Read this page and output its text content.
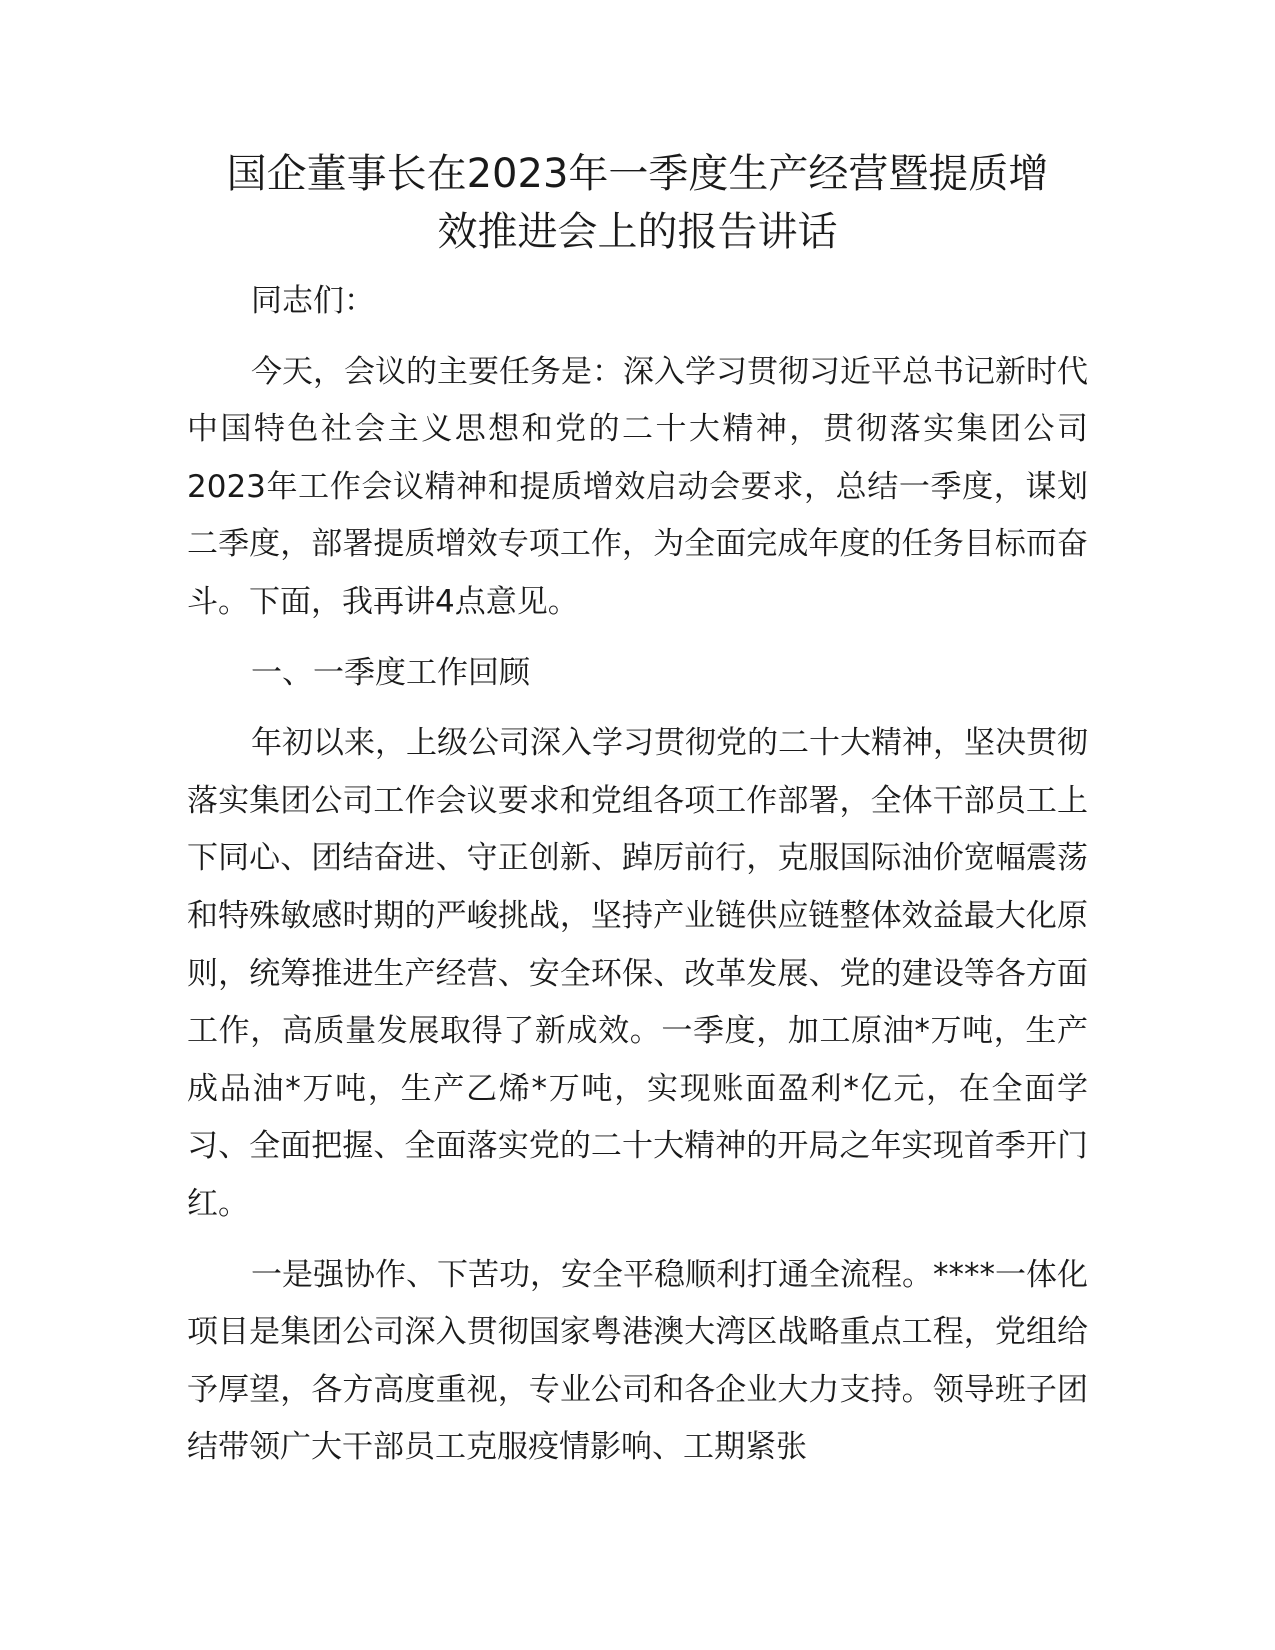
国企董事长在2023年一季度生产经营暨提质增
效推进会上的报告讲话

同志们：

今天，会议的主要任务是：深入学习贯彻习近平总书记新时代中国特色社会主义思想和党的二十大精神，贯彻落实集团公司2023年工作会议精神和提质增效启动会要求，总结一季度，谋划二季度，部署提质增效专项工作，为全面完成年度的任务目标而奋斗。下面，我再讲4点意见。

一、一季度工作回顾

年初以来，上级公司深入学习贯彻党的二十大精神，坚决贯彻落实集团公司工作会议要求和党组各项工作部署，全体干部员工上下同心、团结奋进、守正创新、踔厉前行，克服国际油价宽幅震荡和特殊敏感时期的严峻挑战，坚持产业链供应链整体效益最大化原则，统筹推进生产经营、安全环保、改革发展、党的建设等各方面工作，高质量发展取得了新成效。一季度，加工原油*万吨，生产成品油*万吨，生产乙烯*万吨，实现账面盈利*亿元，在全面学习、全面把握、全面落实党的二十大精神的开局之年实现首季开门红。

一是强协作、下苦功，安全平稳顺利打通全流程。****一体化项目是集团公司深入贯彻国家粤港澳大湾区战略重点工程，党组给予厚望，各方高度重视，专业公司和各企业大力支持。领导班子团结带领广大干部员工克服疫情影响、工期紧张
